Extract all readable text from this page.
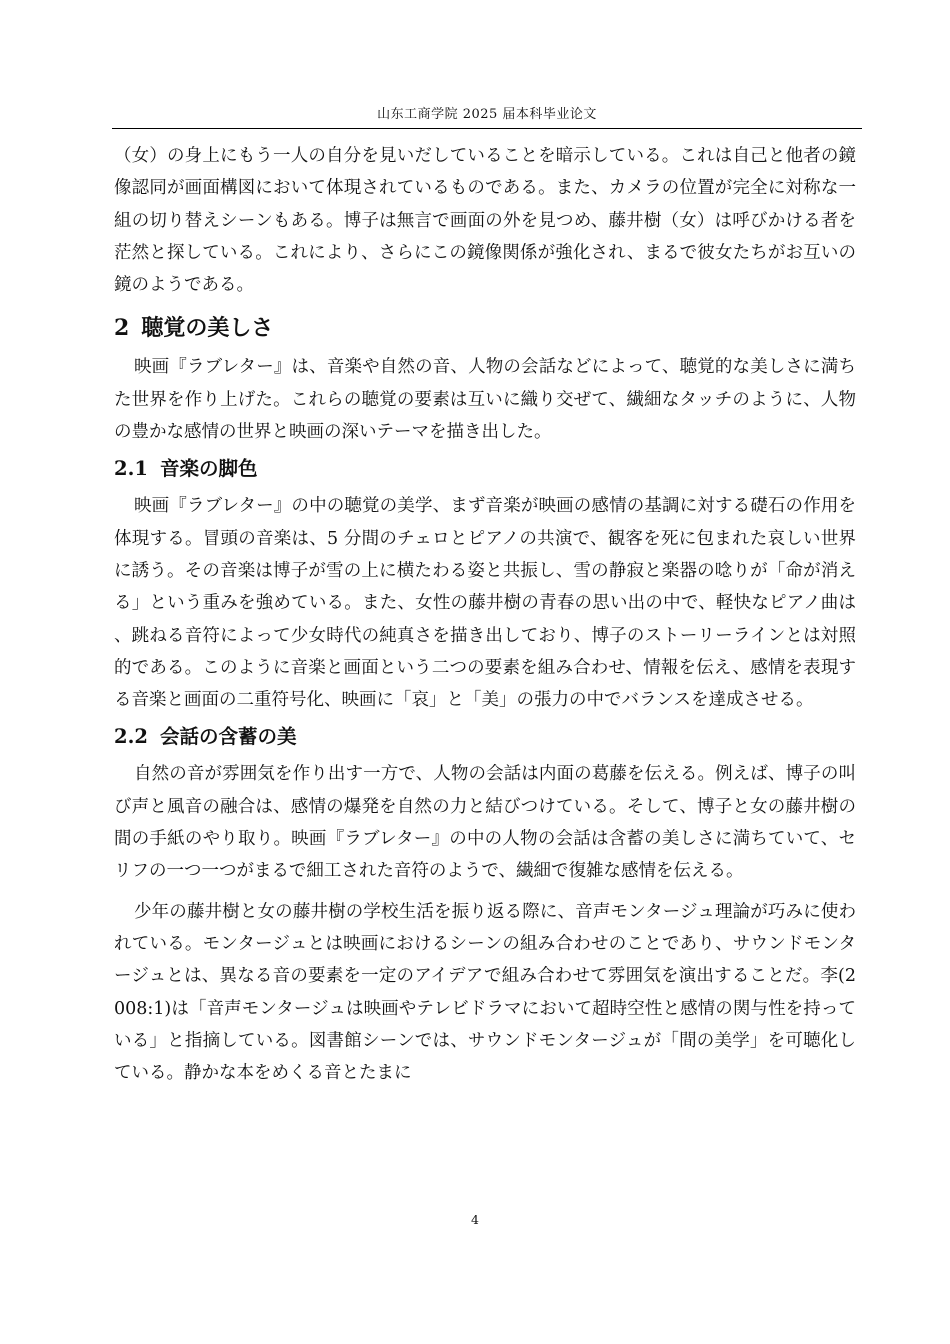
山东工商学院 2025 届本科毕业论文

（女）の身上にもう一人の自分を見いだしていることを暗示している。これは自己と他者の鏡像認同が画面構図において体現されているものである。また、カメラの位置が完全に対称な一組の切り替えシーンもある。博子は無言で画面の外を見つめ、藤井樹（女）は呼びかける者を茫然と探している。これにより、さらにこの鏡像関係が強化され、まるで彼女たちがお互いの鏡のようである。

2 聴覚の美しさ

映画『ラブレター』は、音楽や自然の音、人物の会話などによって、聴覚的な美しさに満ちた世界を作り上げた。これらの聴覚の要素は互いに織り交ぜて、繊細なタッチのように、人物の豊かな感情の世界と映画の深いテーマを描き出した。

2.1 音楽の脚色

映画『ラブレター』の中の聴覚の美学、まず音楽が映画の感情の基調に対する礎石の作用を体現する。冒頭の音楽は、5 分間のチェロとピアノの共演で、観客を死に包まれた哀しい世界に誘う。その音楽は博子が雪の上に横たわる姿と共振し、雪の静寂と楽器の唸りが「命が消える」という重みを強めている。また、女性の藤井樹の青春の思い出の中で、軽快なピアノ曲は、跳ねる音符によって少女時代の純真さを描き出しており、博子のストーリーラインとは対照的である。このように音楽と画面という二つの要素を組み合わせ、情報を伝え、感情を表現する音楽と画面の二重符号化、映画に「哀」と「美」の張力の中でバランスを達成させる。

2.2 会話の含蓄の美

自然の音が雰囲気を作り出す一方で、人物の会話は内面の葛藤を伝える。例えば、博子の叫び声と風音の融合は、感情の爆発を自然の力と結びつけている。そして、博子と女の藤井樹の間の手紙のやり取り。映画『ラブレター』の中の人物の会話は含蓄の美しさに満ちていて、セリフの一つ一つがまるで細工された音符のようで、繊細で復雑な感情を伝える。

少年の藤井樹と女の藤井樹の学校生活を振り返る際に、音声モンタージュ理論が巧みに使われている。モンタージュとは映画におけるシーンの組み合わせのことであり、サウンドモンタージュとは、異なる音の要素を一定のアイデアで組み合わせて雰囲気を演出することだ。李(2008:1)は「音声モンタージュは映画やテレビドラマにおいて超時空性と感情の関与性を持っている」と指摘している。図書館シーンでは、サウンドモンタージュが「間の美学」を可聴化している。静かな本をめくる音とたまに

4
